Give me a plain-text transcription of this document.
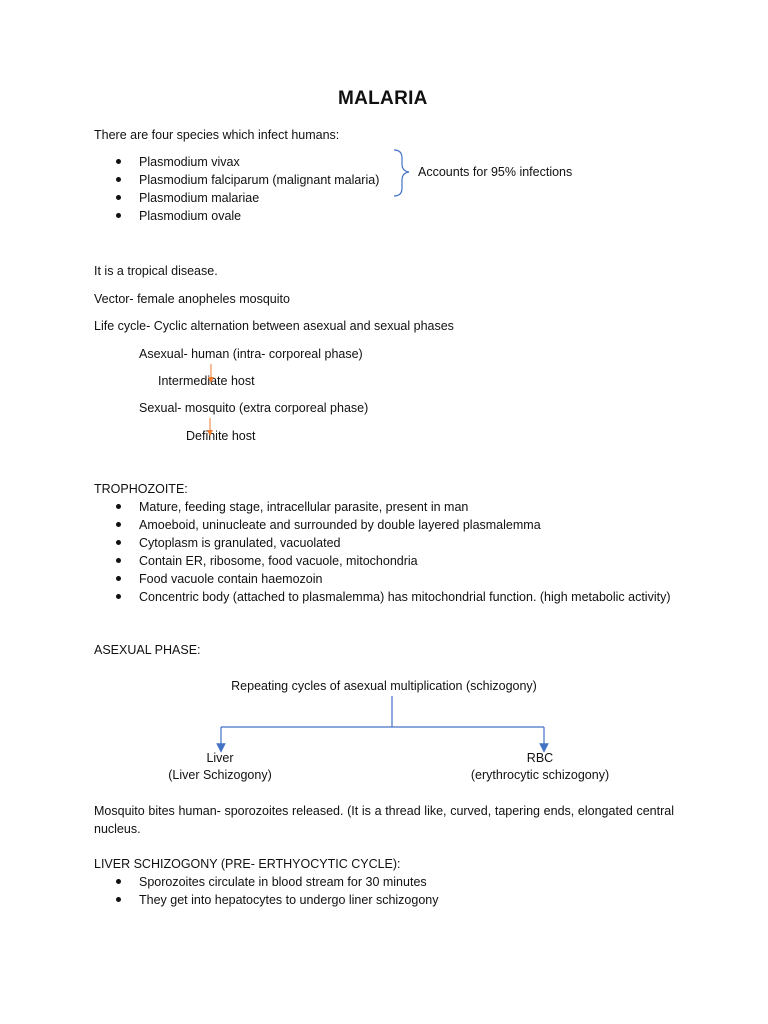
MALARIA
There are four species which infect humans:
Plasmodium vivax
Plasmodium falciparum (malignant malaria)
Plasmodium malariae
Plasmodium ovale
Accounts for 95% infections
It is a tropical disease.
Vector- female anopheles mosquito
Life cycle- Cyclic alternation between asexual and sexual phases
Asexual- human (intra- corporeal phase)
Intermediate host
Sexual- mosquito (extra corporeal phase)
Definite host
TROPHOZOITE:
Mature, feeding stage, intracellular parasite, present in man
Amoeboid, uninucleate and surrounded by double layered plasmalemma
Cytoplasm is granulated, vacuolated
Contain ER, ribosome, food vacuole, mitochondria
Food vacuole contain haemozoin
Concentric body (attached to plasmalemma) has mitochondrial function. (high metabolic activity)
ASEXUAL PHASE:
Repeating cycles of asexual multiplication (schizogony)
Liver
(Liver Schizogony)
RBC
(erythrocytic schizogony)
Mosquito bites human- sporozoites released. (It is a thread like, curved, tapering ends, elongated central nucleus.
LIVER SCHIZOGONY (PRE- ERTHYOCYTIC CYCLE):
Sporozoites circulate in blood stream for 30 minutes
They get into hepatocytes to undergo liner schizogony
